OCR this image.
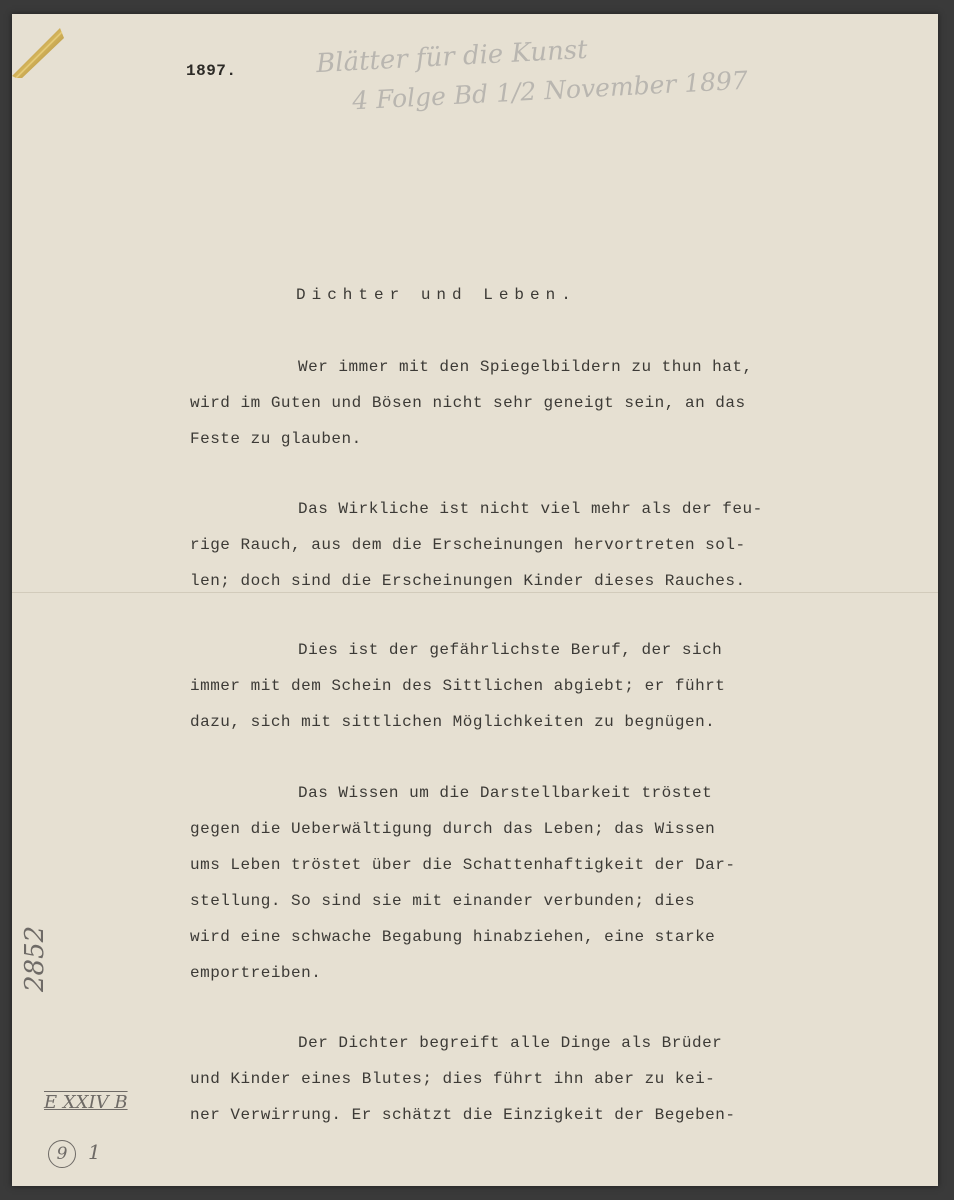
1897.	Blätter für die Kunst
4 Folge Bd 1/2 November 1897
Dichter und Leben.
Wer immer mit den Spiegelbildern zu thun hat,
wird im Guten und Bösen nicht sehr geneigt sein, an das
Feste zu glauben.
Das Wirkliche ist nicht viel mehr als der feu-
rige Rauch, aus dem die Erscheinungen hervortreten sol-
len; doch sind die Erscheinungen Kinder dieses Rauches.
Dies ist der gefährlichste Beruf, der sich
immer mit dem Schein des Sittlichen abgiebt; er führt
dazu, sich mit sittlichen Möglichkeiten zu begnügen.
Das Wissen um die Darstellbarkeit tröstet
gegen die Ueberwältigung durch das Leben; das Wissen
ums Leben tröstet über die Schattenhaftigkeit der Dar-
stellung. So sind sie mit einander verbunden; dies
wird eine schwache Begabung hinabziehen, eine starke
emportreiben.
Der Dichter begreift alle Dinge als Brüder
und Kinder eines Blutes; dies führt ihn aber zu kei-
ner Verwirrung. Er schätzt die Einzigkeit der Begeben-
2852
E XXIV B
9	1
